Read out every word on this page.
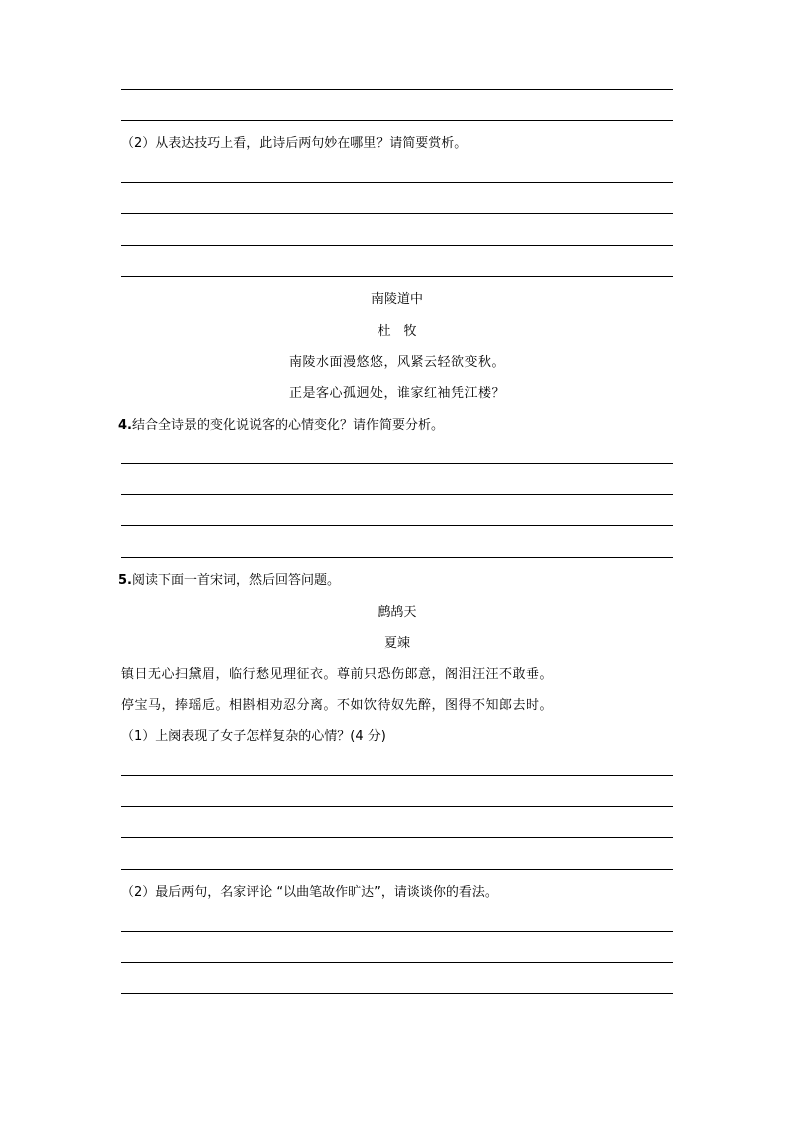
（2）从表达技巧上看，此诗后两句妙在哪里？请简要赏析。
南陵道中
杜　牧
南陵水面漫悠悠，风紧云轻欲变秋。
正是客心孤迥处，谁家红袖凭江楼？
4.结合全诗景的变化说说客的心情变化？请作简要分析。
5.阅读下面一首宋词，然后回答问题。
鹧鸪天
夏竦
镇日无心扫黛眉，临行愁见理征衣。尊前只恐伤郎意，阁泪汪汪不敢垂。
停宝马，捧瑶卮。相斟相劝忍分离。不如饮待奴先醉，图得不知郎去时。
（1）上阕表现了女子怎样复杂的心情？(4 分)
（2）最后两句，名家评论 “以曲笔故作旷达”，请谈谈你的看法。
